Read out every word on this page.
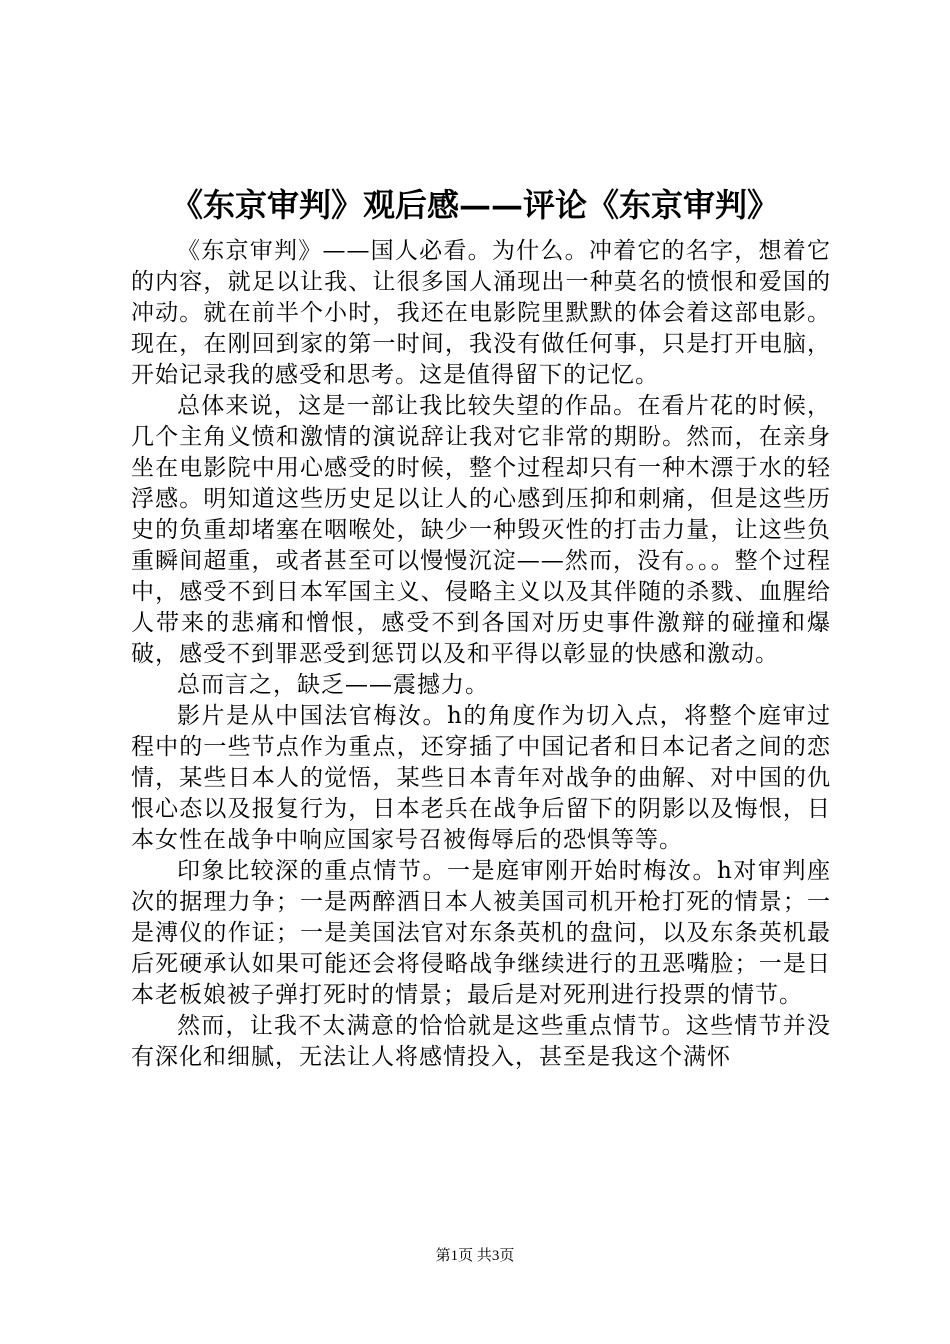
《东京审判》观后感——评论《东京审判》

《东京审判》——国人必看。为什么。冲着它的名字，想着它的内容，就足以让我、让很多国人涌现出一种莫名的愤恨和爱国的冲动。就在前半个小时，我还在电影院里默默的体会着这部电影。现在，在刚回到家的第一时间，我没有做任何事，只是打开电脑，开始记录我的感受和思考。这是值得留下的记忆。

总体来说，这是一部让我比较失望的作品。在看片花的时候，几个主角义愤和激情的演说辞让我对它非常的期盼。然而，在亲身坐在电影院中用心感受的时候，整个过程却只有一种木漂于水的轻浮感。明知道这些历史足以让人的心感到压抑和刺痛，但是这些历史的负重却堵塞在咽喉处，缺少一种毁灭性的打击力量，让这些负重瞬间超重，或者甚至可以慢慢沉淀——然而，没有。。。整个过程中，感受不到日本军国主义、侵略主义以及其伴随的杀戮、血腥给人带来的悲痛和憎恨，感受不到各国对历史事件激辩的碰撞和爆破，感受不到罪恶受到惩罚以及和平得以彰显的快感和激动。

总而言之，缺乏——震撼力。

影片是从中国法官梅汝。h的角度作为切入点，将整个庭审过程中的一些节点作为重点，还穿插了中国记者和日本记者之间的恋情，某些日本人的觉悟，某些日本青年对战争的曲解、对中国的仇恨心态以及报复行为，日本老兵在战争后留下的阴影以及悔恨，日本女性在战争中响应国家号召被侮辱后的恐惧等等。

印象比较深的重点情节。一是庭审刚开始时梅汝。h对审判座次的据理力争；一是两醉酒日本人被美国司机开枪打死的情景；一是溥仪的作证；一是美国法官对东条英机的盘问，以及东条英机最后死硬承认如果可能还会将侵略战争继续进行的丑恶嘴脸；一是日本老板娘被子弹打死时的情景；最后是对死刑进行投票的情节。

然而，让我不太满意的恰恰就是这些重点情节。这些情节并没有深化和细腻，无法让人将感情投入，甚至是我这个满怀

第1页 共3页
